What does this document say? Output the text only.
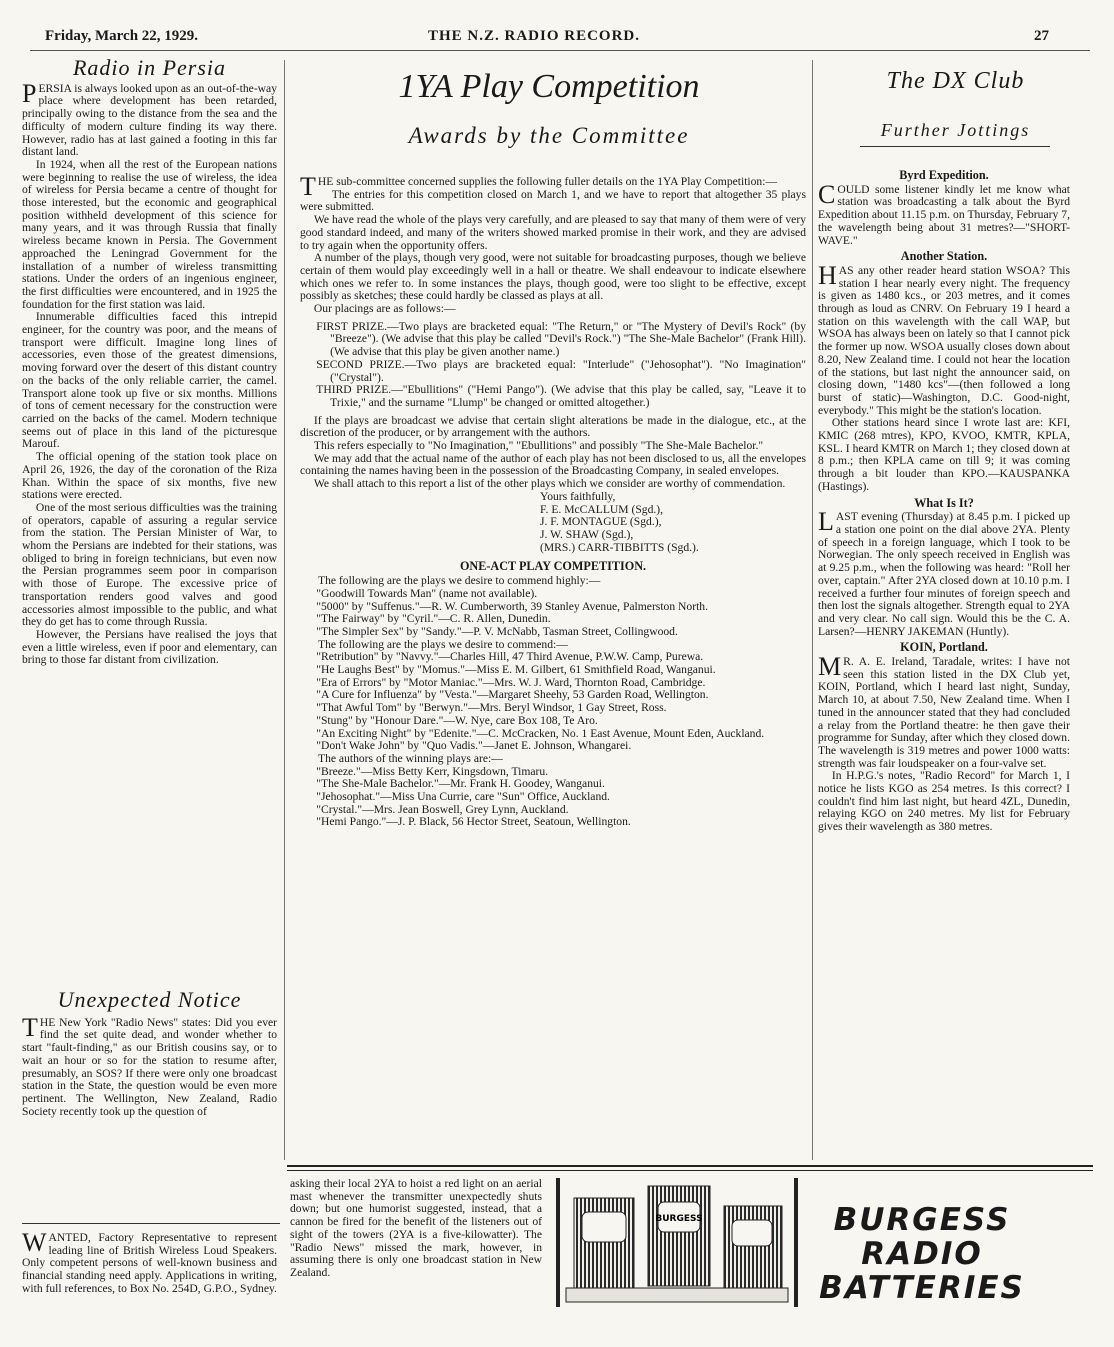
Friday, March 22, 1929.	THE N.Z. RADIO RECORD.	27
Radio in Persia

PERSIA is always looked upon as an out-of-the-way place where development has been retarded, principally owing to the distance from the sea and the difficulty of modern culture finding its way there. However, radio has at last gained a footing in this far distant land.

In 1924, when all the rest of the European nations were beginning to realise the use of wireless, the idea of wireless for Persia became a centre of thought for those interested, but the economic and geographical position withheld development of this science for many years, and it was through Russia that finally wireless became known in Persia. The Government approached the Leningrad Government for the installation of a number of wireless transmitting stations. Under the orders of an ingenious engineer, the first difficulties were encountered, and in 1925 the foundation for the first station was laid.

Innumerable difficulties faced this intrepid engineer, for the country was poor, and the means of transport were difficult. Imagine long lines of accessories, even those of the greatest dimensions, moving forward over the desert of this distant country on the backs of the only reliable carrier, the camel. Transport alone took up five or six months. Millions of tons of cement necessary for the construction were carried on the backs of the camel. Modern technique seems out of place in this land of the picturesque Marouf.

The official opening of the station took place on April 26, 1926, the day of the coronation of the Riza Khan. Within the space of six months, five new stations were erected.

One of the most serious difficulties was the training of operators, capable of assuring a regular service from the station. The Persian Minister of War, to whom the Persians are indebted for their stations, was obliged to bring in foreign technicians, but even now the Persian programmes seem poor in comparison with those of Europe. The excessive price of transportation renders good valves and good accessories almost impossible to the public, and what they do get has to come through Russia.

However, the Persians have realised the joys that even a little wireless, even if poor and elementary, can bring to those far distant from civilization.

Unexpected Notice

THE New York "Radio News" states: Did you ever find the set quite dead, and wonder whether to start "fault-finding," as our British cousins say, or to wait an hour or so for the station to resume after, presumably, an SOS? If there were only one broadcast station in the State, the question would be even more pertinent. The Wellington, New Zealand, Radio Society recently took up the question of

WANTED, Factory Representative to represent leading line of British Wireless Loud Speakers. Only competent persons of well-known business and financial standing need apply. Applications in writing, with full references, to Box No. 254D, G.P.O., Sydney.

1YA Play Competition
Awards by the Committee

THE sub-committee concerned supplies the following fuller details on the 1YA Play Competition:—

The entries for this competition closed on March 1, and we have to report that altogether 35 plays were submitted.

We have read the whole of the plays very carefully, and are pleased to say that many of them were of very good standard indeed, and many of the writers showed marked promise in their work, and they are advised to try again when the opportunity offers.

A number of the plays, though very good, were not suitable for broadcasting purposes, though we believe certain of them would play exceedingly well in a hall or theatre. We shall endeavour to indicate elsewhere which ones we refer to. In some instances the plays, though good, were too slight to be effective, except possibly as sketches; these could hardly be classed as plays at all.

Our placings are as follows:—

FIRST PRIZE.—Two plays are bracketed equal: "The Return," or "The Mystery of Devil's Rock" (by "Breeze"). (We advise that this play be called "Devil's Rock.") "The She-Male Bachelor" (Frank Hill). (We advise that this play be given another name.)

SECOND PRIZE.—Two plays are bracketed equal: "Interlude" ("Jehosophat"). "No Imagination" ("Crystal").

THIRD PRIZE.—"Ebullitions" ("Hemi Pango"). (We advise that this play be called, say, "Leave it to Trixie," and the surname "Llump" be changed or omitted altogether.)

If the plays are broadcast we advise that certain slight alterations be made in the dialogue, etc., at the discretion of the producer, or by arrangement with the authors.

This refers especially to "No Imagination," "Ebullitions" and possibly "The She-Male Bachelor."

We may add that the actual name of the author of each play has not been disclosed to us, all the envelopes containing the names having been in the possession of the Broadcasting Company, in sealed envelopes.

We shall attach to this report a list of the other plays which we consider are worthy of commendation.

Yours faithfully,

F. E. McCALLUM (Sgd.),

J. F. MONTAGUE (Sgd.),

J. W. SHAW (Sgd.),

(MRS.) CARR-TIBBITTS (Sgd.).

ONE-ACT PLAY COMPETITION.

The following are the plays we desire to commend highly:—

"Goodwill Towards Man" (name not available).

"5000" by "Suffenus."—R. W. Cumberworth, 39 Stanley Avenue, Palmerston North.

"The Fairway" by "Cyril."—C. R. Allen, Dunedin.

"The Simpler Sex" by "Sandy."—P. V. McNabb, Tasman Street, Collingwood.

The following are the plays we desire to commend:—

"Retribution" by "Navvy."—Charles Hill, 47 Third Avenue, P.W.W. Camp, Purewa.

"He Laughs Best" by "Momus."—Miss E. M. Gilbert, 61 Smithfield Road, Wanganui.

"Era of Errors" by "Motor Maniac."—Mrs. W. J. Ward, Thornton Road, Cambridge.

"A Cure for Influenza" by "Vesta."—Margaret Sheehy, 53 Garden Road, Wellington.

"That Awful Tom" by "Berwyn."—Mrs. Beryl Windsor, 1 Gay Street, Ross.

"Stung" by "Honour Dare."—W. Nye, care Box 108, Te Aro.

"An Exciting Night" by "Edenite."—C. McCracken, No. 1 East Avenue, Mount Eden, Auckland.

"Don't Wake John" by "Quo Vadis."—Janet E. Johnson, Whangarei.

The authors of the winning plays are:—

"Breeze."—Miss Betty Kerr, Kingsdown, Timaru.

"The She-Male Bachelor."—Mr. Frank H. Goodey, Wanganui.

"Jehosophat."—Miss Una Currie, care "Sun" Office, Auckland.

"Crystal."—Mrs. Jean Boswell, Grey Lynn, Auckland.

"Hemi Pango."—J. P. Black, 56 Hector Street, Seatoun, Wellington.

The DX Club
Further Jottings
Byrd Expedition.

COULD some listener kindly let me know what station was broadcasting a talk about the Byrd Expedition about 11.15 p.m. on Thursday, February 7, the wavelength being about 31 metres?—"SHORT-WAVE."

Another Station.

HAS any other reader heard station WSOA? This station I hear nearly every night. The frequency is given as 1480 kcs., or 203 metres, and it comes through as loud as CNRV. On February 19 I heard a station on this wavelength with the call WAP, but WSOA has always been on lately so that I cannot pick the former up now. WSOA usually closes down about 8.20, New Zealand time. I could not hear the location of the stations, but last night the announcer said, on closing down, "1480 kcs"—(then followed a long burst of static)—Washington, D.C. Good-night, everybody." This might be the station's location.

Other stations heard since I wrote last are: KFI, KMIC (268 mtres), KPO, KVOO, KMTR, KPLA, KSL. I heard KMTR on March 1; they closed down at 8 p.m.; then KPLA came on till 9; it was coming through a bit louder than KPO.—KAUSPANKA (Hastings).

What Is It?

LAST evening (Thursday) at 8.45 p.m. I picked up a station one point on the dial above 2YA. Plenty of speech in a foreign language, which I took to be Norwegian. The only speech received in English was at 9.25 p.m., when the following was heard: "Roll her over, captain." After 2YA closed down at 10.10 p.m. I received a further four minutes of foreign speech and then lost the signals altogether. Strength equal to 2YA and very clear. No call sign. Would this be the C. A. Larsen?—HENRY JAKEMAN (Huntly).

KOIN, Portland.

M R. A. E. Ireland, Taradale, writes: I have not seen this station listed in the DX Club yet, KOIN, Portland, which I heard last night, Sunday, March 10, at about 7.50, New Zealand time. When I tuned in the announcer stated that they had concluded a relay from the Portland theatre: he then gave their programme for Sunday, after which they closed down. The wavelength is 319 metres and power 1000 watts: strength was fair loudspeaker on a four-valve set.

In H.P.G.'s notes, "Radio Record" for March 1, I notice he lists KGO as 254 metres. Is this correct? I couldn't find him last night, but heard 4ZL, Dunedin, relaying KGO on 240 metres. My list for February gives their wavelength as 380 metres.

asking their local 2YA to hoist a red light on an aerial mast whenever the transmitter unexpectedly shuts down; but one humorist suggested, instead, that a cannon be fired for the benefit of the listeners out of sight of the towers (2YA is a five-kilowatter). The "Radio News" missed the mark, however, in assuming there is only one broadcast station in New Zealand.

BURGESS	BURGESS
RADIO
BATTERIES
